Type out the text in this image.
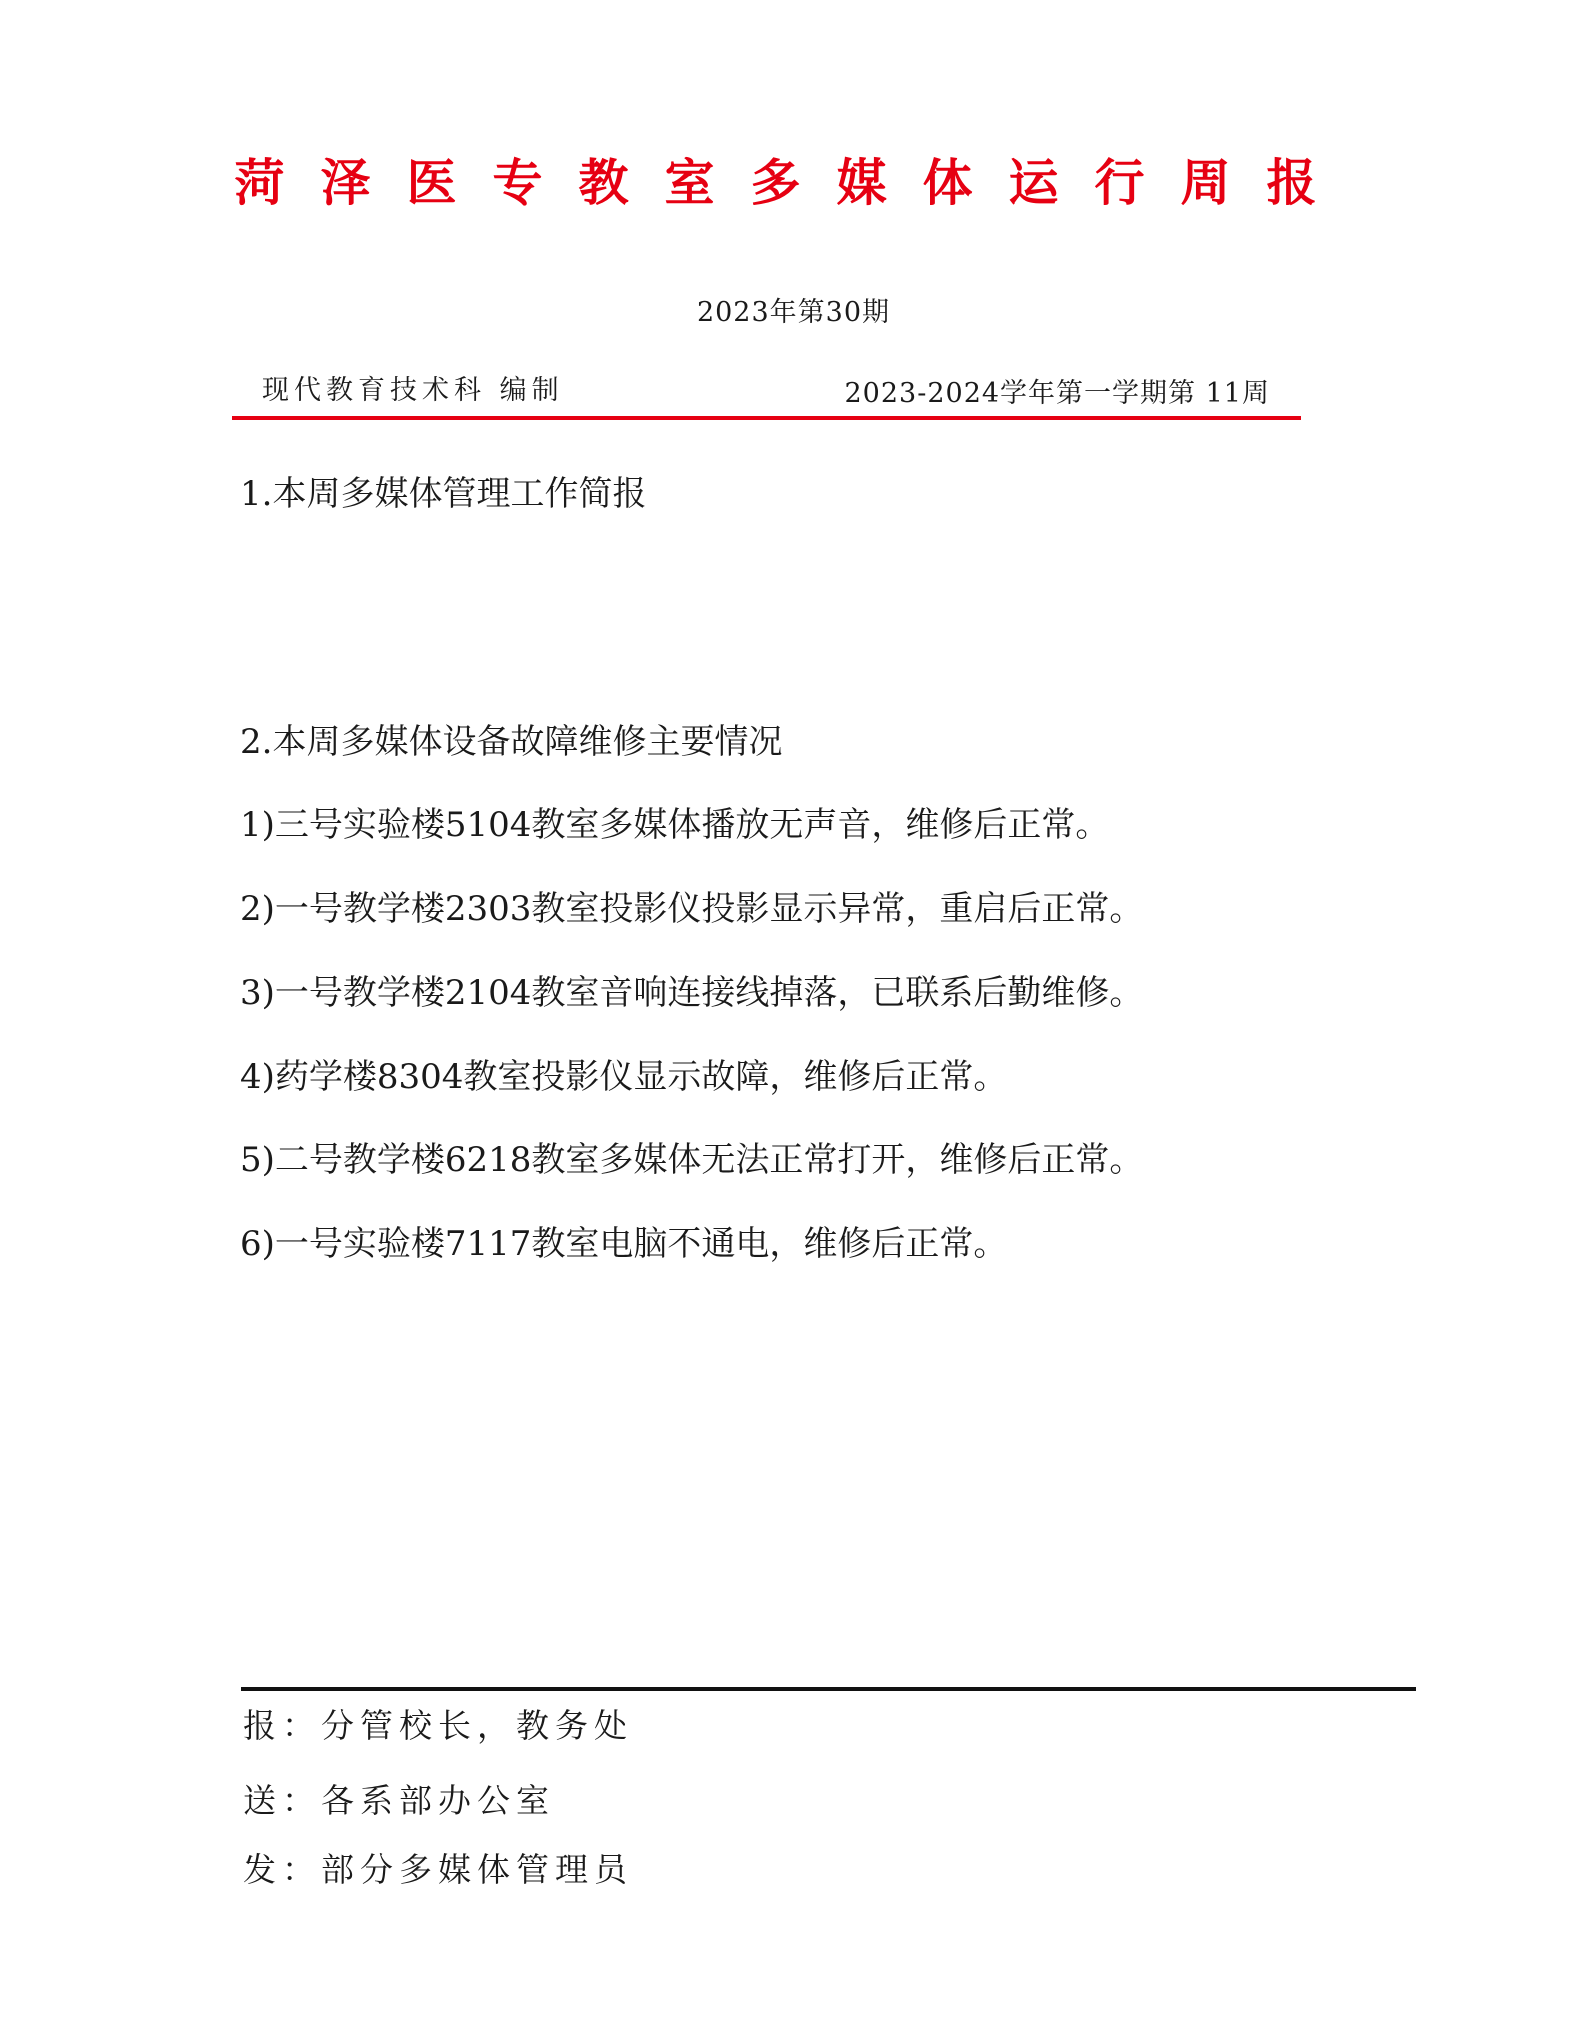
菏泽医专教室多媒体运行周报
2023年第30期
现代教育技术科 编制	2023-2024学年第一学期第 11周
1.本周多媒体管理工作简报
2.本周多媒体设备故障维修主要情况
1)三号实验楼5104教室多媒体播放无声音，维修后正常。
2)一号教学楼2303教室投影仪投影显示异常，重启后正常。
3)一号教学楼2104教室音响连接线掉落，已联系后勤维修。
4)药学楼8304教室投影仪显示故障，维修后正常。
5)二号教学楼6218教室多媒体无法正常打开，维修后正常。
6)一号实验楼7117教室电脑不通电，维修后正常。
报：分管校长，教务处
送：各系部办公室
发：部分多媒体管理员
